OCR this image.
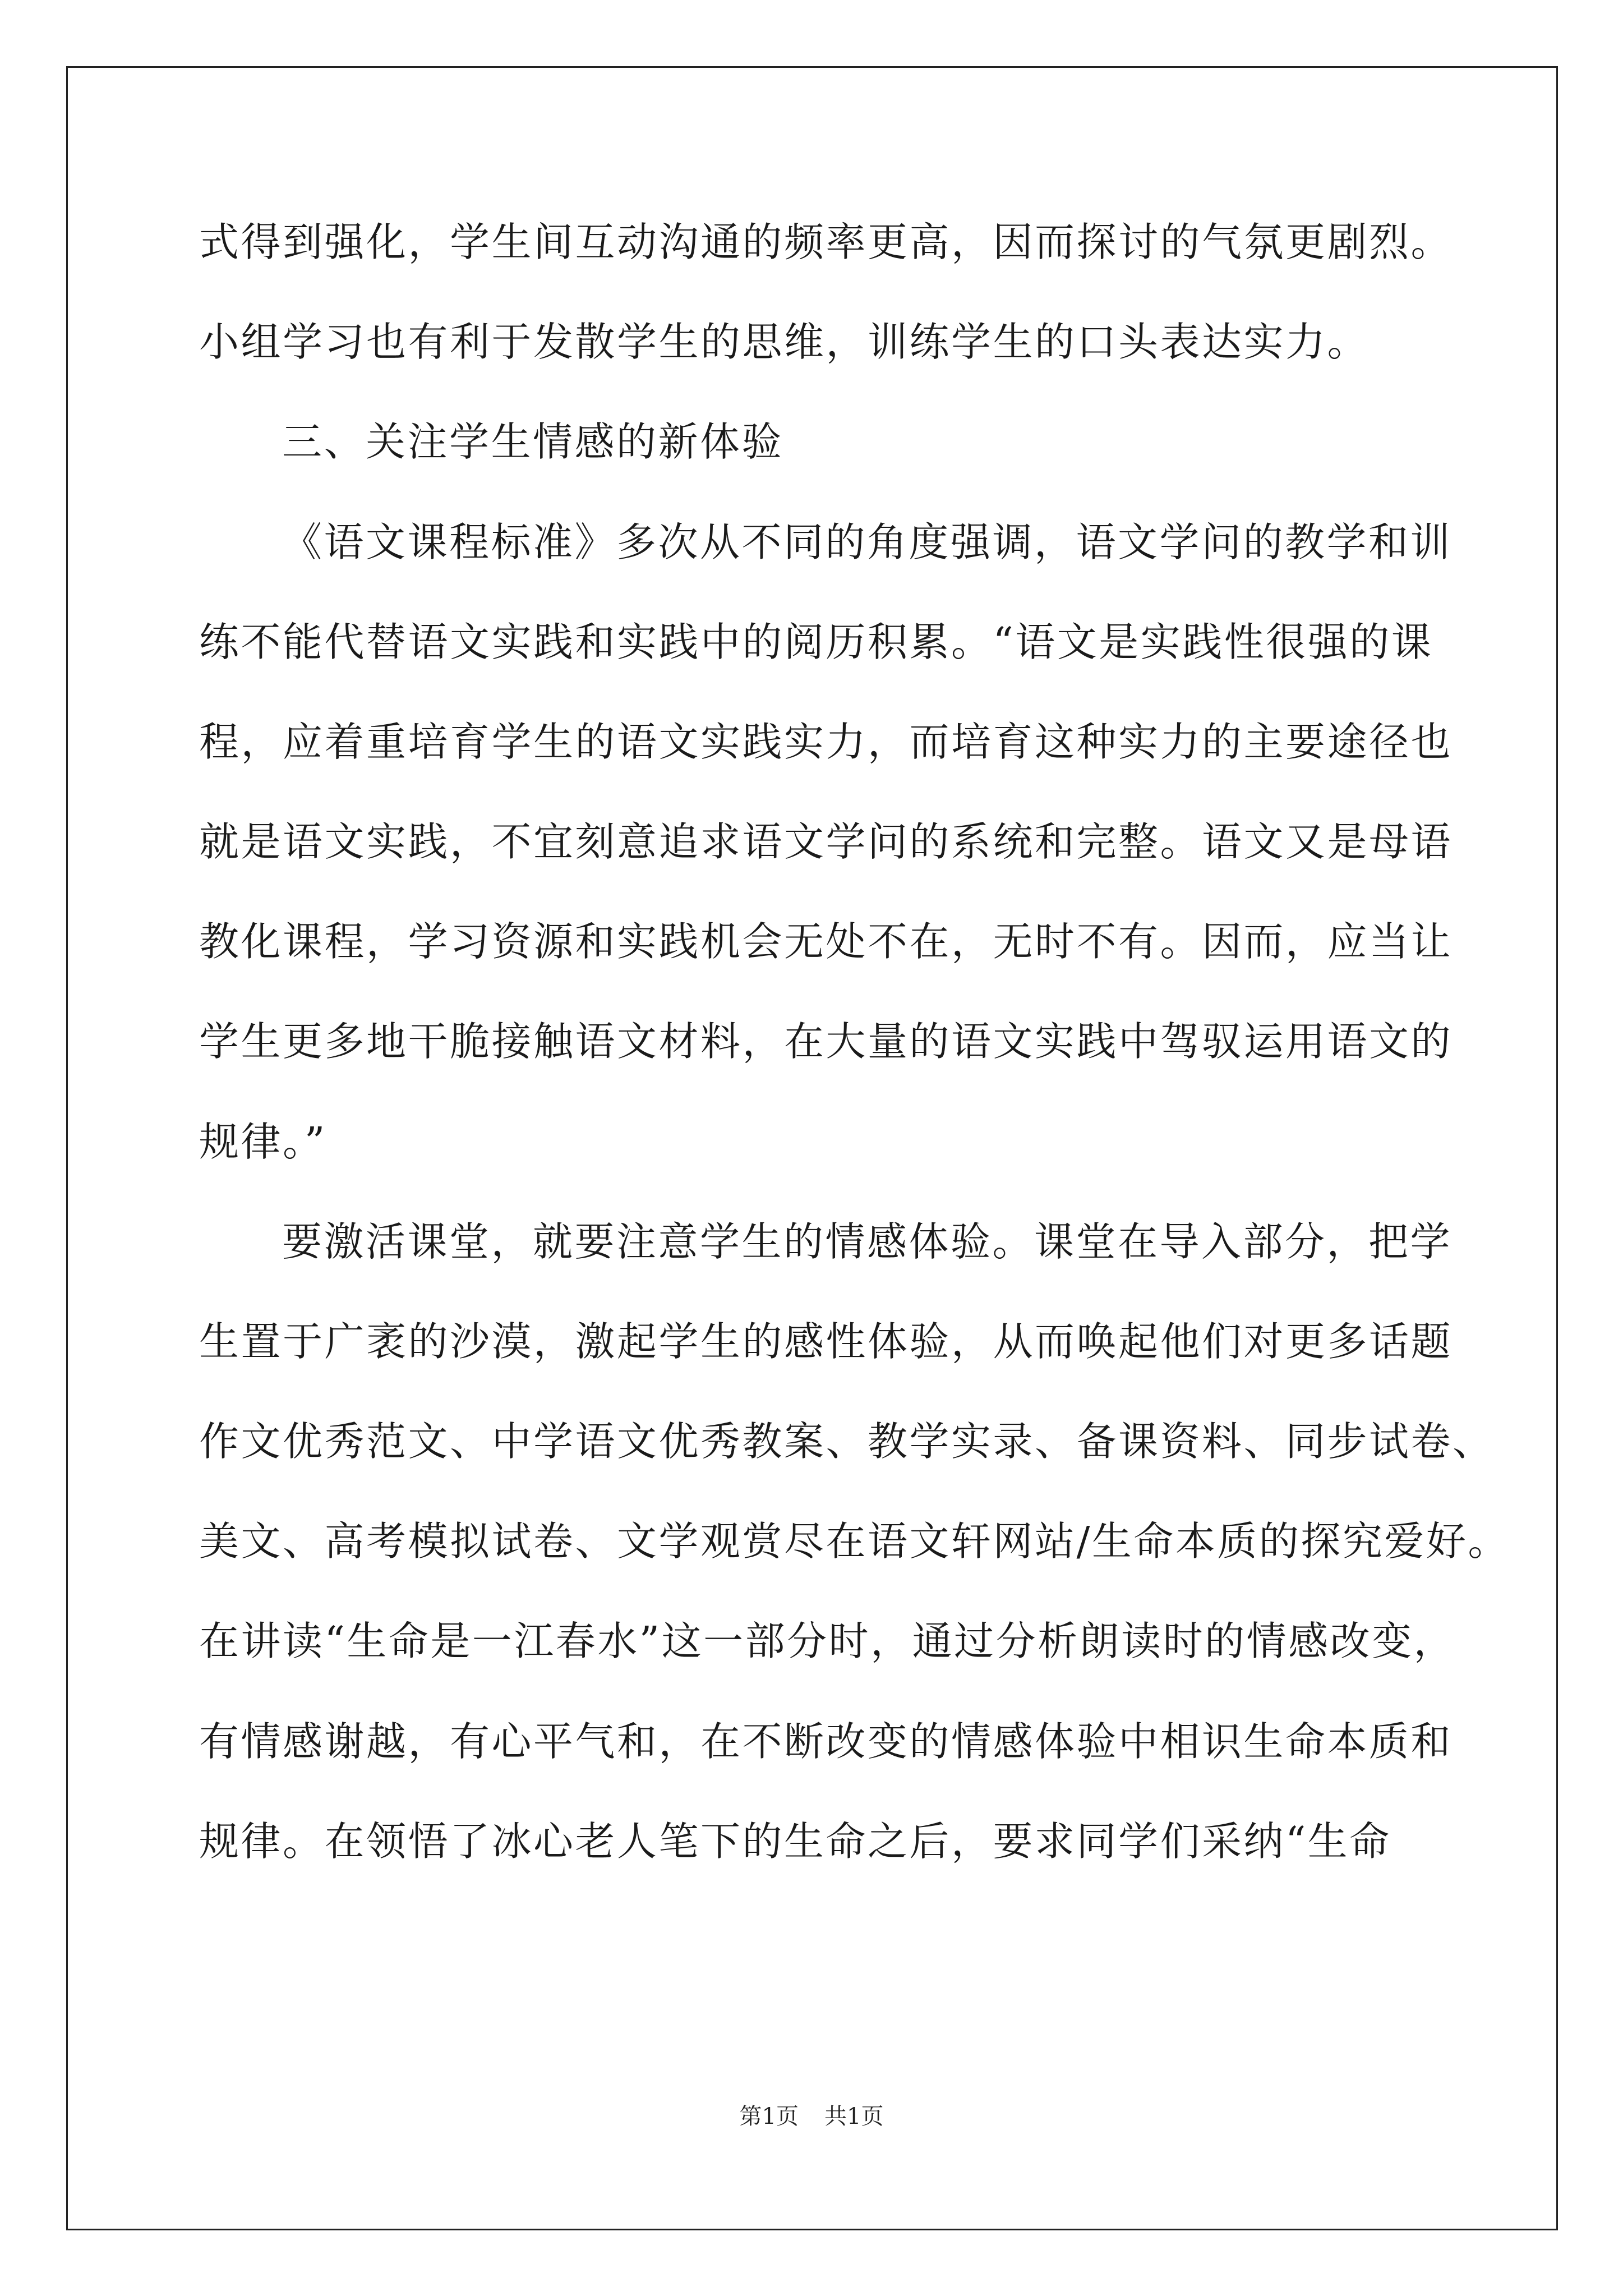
式得到强化，学生间互动沟通的频率更高，因而探讨的气氛更剧烈。
小组学习也有利于发散学生的思维，训练学生的口头表达实力。
三、关注学生情感的新体验
《语文课程标准》多次从不同的角度强调，语文学问的教学和训
练不能代替语文实践和实践中的阅历积累。“语文是实践性很强的课
程，应着重培育学生的语文实践实力，而培育这种实力的主要途径也
就是语文实践，不宜刻意追求语文学问的系统和完整。语文又是母语
教化课程，学习资源和实践机会无处不在，无时不有。因而，应当让
学生更多地干脆接触语文材料，在大量的语文实践中驾驭运用语文的
规律。”
要激活课堂，就要注意学生的情感体验。课堂在导入部分，把学
生置于广袤的沙漠，激起学生的感性体验，从而唤起他们对更多话题
作文优秀范文、中学语文优秀教案、教学实录、备课资料、同步试卷、
美文、高考模拟试卷、文学观赏尽在语文轩网站/生命本质的探究爱好。
在讲读“生命是一江春水”这一部分时，通过分析朗读时的情感改变，
有情感谢越，有心平气和，在不断改变的情感体验中相识生命本质和
规律。在领悟了冰心老人笔下的生命之后，要求同学们采纳“生命
第1页 共1页
